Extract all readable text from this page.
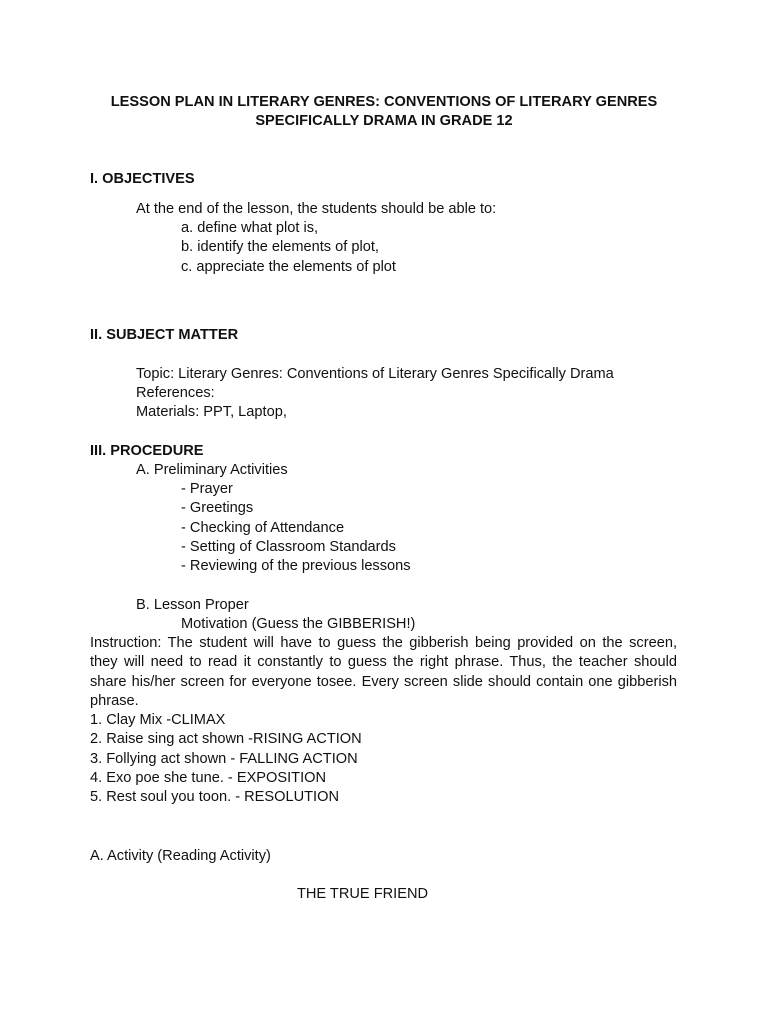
LESSON PLAN IN LITERARY GENRES: CONVENTIONS OF LITERARY GENRES
SPECIFICALLY DRAMA IN GRADE 12
I. OBJECTIVES
At the end of the lesson, the students should be able to:
a. define what plot is,
b. identify the elements of plot,
c. appreciate the elements of plot
II. SUBJECT MATTER
Topic: Literary Genres: Conventions of Literary Genres Specifically Drama
References:
Materials: PPT, Laptop,
III. PROCEDURE
A. Preliminary Activities
- Prayer
- Greetings
- Checking of Attendance
- Setting of Classroom Standards
- Reviewing of the previous lessons
B. Lesson Proper
Motivation (Guess the GIBBERISH!)
Instruction: The student will have to guess the gibberish being provided on the screen, they will need to read it constantly to guess the right phrase. Thus, the teacher should share his/her screen for everyone tosee. Every screen slide should contain one gibberish phrase.
1. Clay Mix -CLIMAX
2. Raise sing act shown -RISING ACTION
3. Follying act shown - FALLING ACTION
4. Exo poe she tune. - EXPOSITION
5. Rest soul you toon. - RESOLUTION
A. Activity (Reading Activity)
THE TRUE FRIEND
